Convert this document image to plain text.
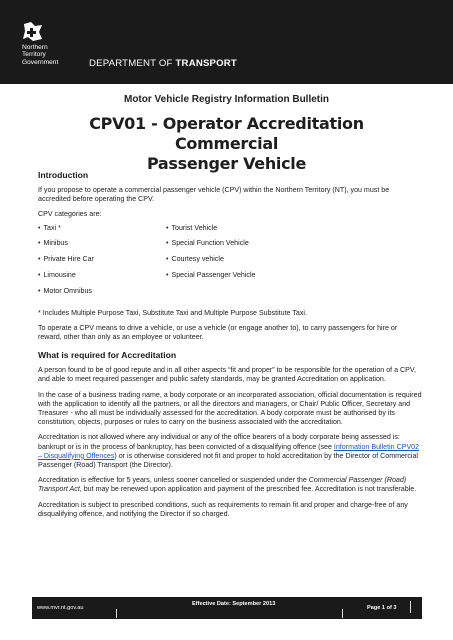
Northern
Territory
Government	DEPARTMENT OF TRANSPORT
Motor Vehicle Registry Information Bulletin
CPV01 - Operator Accreditation Commercial
Passenger Vehicle
Introduction

If you propose to operate a commercial passenger vehicle (CPV) within the Northern Territory (NT), you must be accredited before operating the CPV.

CPV categories are:

• Taxi *
• Minibus
• Private Hire Car
• Limousine
• Motor Omnibus
• Tourist Vehicle
• Special Function Vehicle
• Courtesy vehicle
• Special Passenger Vehicle

* Includes Multiple Purpose Taxi, Substitute Taxi and Multiple Purpose Substitute Taxi.

To operate a CPV means to drive a vehicle, or use a vehicle (or engage another to), to carry passengers for hire or reward, other than only as an employee or volunteer.

What is required for Accreditation

A person found to be of good repute and in all other aspects “fit and proper” to be responsible for the operation of a CPV, and able to meet required passenger and public safety standards, may be granted Accreditation on application.

In the case of a business trading name, a body corporate or an incorporated association, official documentation is required with the application to identify all the partners, or all the directors and managers, or Chair/ Public Officer, Secretary and Treasurer - who all must be individually assessed for the accreditation. A body corporate must be authorised by its constitution, objects, purposes or rules to carry on the business associated with the accreditation.

Accreditation is not allowed where any individual or any of the office bearers of a body corporate being assessed is: bankrupt or is in the process of bankruptcy, has been convicted of a disqualifying offence (see Information Bulletin CPV02 – Disqualifying Offences) or is otherwise considered not fit and proper to hold accreditation by the Director of Commercial Passenger (Road) Transport (the Director).

Accreditation is effective for 5 years, unless sooner cancelled or suspended under the Commercial Passenger (Road) Transport Act, but may be renewed upon application and payment of the prescribed fee. Accreditation is not transferable.

Accreditation is subject to prescribed conditions, such as requirements to remain fit and proper and charge-free of any disqualifying offence, and notifying the Director if so charged.

www.mvr.nt.gov.au
Effective Date: September 2013
Page 1 of 3
